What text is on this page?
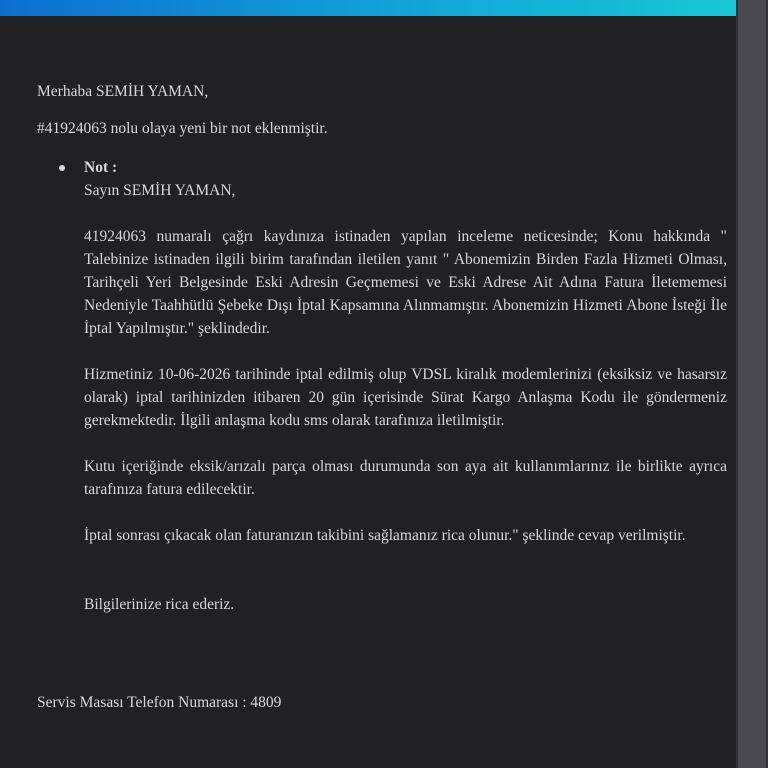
Merhaba SEMİH YAMAN,

#41924063 nolu olaya yeni bir not eklenmiştir.

Not :

Sayın SEMİH YAMAN,

41924063 numaralı çağrı kaydınıza istinaden yapılan inceleme neticesinde; Konu hakkında " Talebinize istinaden ilgili birim tarafından iletilen yanıt " Abonemizin Birden Fazla Hizmeti Olması, Tarihçeli Yeri Belgesinde Eski Adresin Geçmemesi ve Eski Adrese Ait Adına Fatura İletememesi Nedeniyle Taahhütlü Şebeke Dışı İptal Kapsamına Alınmamıştır. Abonemizin Hizmeti Abone İsteği İle İptal Yapılmıştır." şeklindedir.

Hizmetiniz 10-06-2026 tarihinde iptal edilmiş olup VDSL kiralık modemlerinizi (eksiksiz ve hasarsız olarak) iptal tarihinizden itibaren 20 gün içerisinde Sürat Kargo Anlaşma Kodu ile göndermeniz gerekmektedir. İlgili anlaşma kodu sms olarak tarafınıza iletilmiştir.

Kutu içeriğinde eksik/arızalı parça olması durumunda son aya ait kullanımlarınız ile birlikte ayrıca tarafınıza fatura edilecektir.

İptal sonrası çıkacak olan faturanızın takibini sağlamanız rica olunur." şeklinde cevap verilmiştir.

Bilgilerinize rica ederiz.

Servis Masası Telefon Numarası : 4809
